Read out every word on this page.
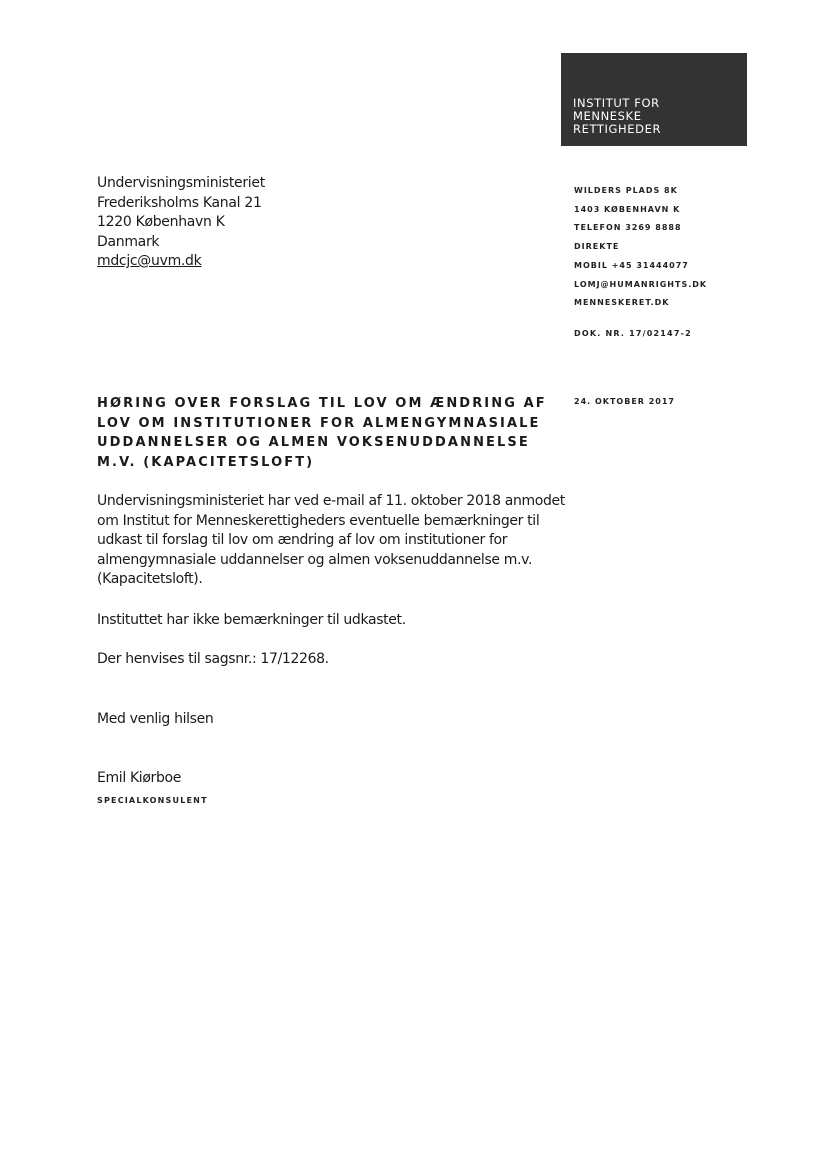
INSTITUT FOR
MENNESKE
RETTIGHEDER
Undervisningsministeriet
Frederiksholms Kanal 21
1220 København K
Danmark
mdcjc@uvm.dk
WILDERS PLADS 8K
1403 KØBENHAVN K
TELEFON 3269 8888
DIREKTE
MOBIL +45 31444077
LOMJ@HUMANRIGHTS.DK
MENNESKERET.DK
DOK. NR. 17/02147-2
HØRING OVER FORSLAG TIL LOV OM ÆNDRING AF
LOV OM INSTITUTIONER FOR ALMENGYMNASIALE
UDDANNELSER OG ALMEN VOKSENUDDANNELSE
M.V. (KAPACITETSLOFT)
24. OKTOBER 2017
Undervisningsministeriet har ved e-mail af 11. oktober 2018 anmodet
om Institut for Menneskerettigheders eventuelle bemærkninger til
udkast til forslag til lov om ændring af lov om institutioner for
almengymnasiale uddannelser og almen voksenuddannelse m.v.
(Kapacitetsloft).
Instituttet har ikke bemærkninger til udkastet.
Der henvises til sagsnr.: 17/12268.
Med venlig hilsen
Emil Kiørboe
SPECIALKONSULENT
